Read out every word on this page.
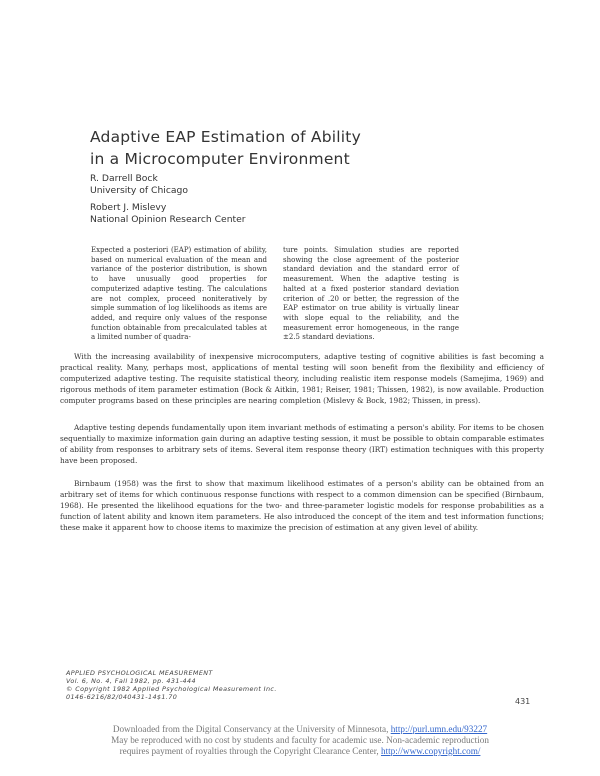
Adaptive EAP Estimation of Ability
in a Microcomputer Environment
R. Darrell Bock
University of Chicago
Robert J. Mislevy
National Opinion Research Center
Expected a posteriori (EAP) estimation of ability, based on numerical evaluation of the mean and variance of the posterior distribution, is shown to have unusually good properties for computerized adaptive testing. The calculations are not complex, proceed noniteratively by simple summation of log likelihoods as items are added, and require only values of the response function obtainable from precalculated tables at a limited number of quadra-
ture points. Simulation studies are reported showing the close agreement of the posterior standard deviation and the standard error of measurement. When the adaptive testing is halted at a fixed posterior standard deviation criterion of .20 or better, the regression of the EAP estimator on true ability is virtually linear with slope equal to the reliability, and the measurement error homogeneous, in the range ±2.5 standard deviations.
With the increasing availability of inexpensive microcomputers, adaptive testing of cognitive abilities is fast becoming a practical reality. Many, perhaps most, applications of mental testing will soon benefit from the flexibility and efficiency of computerized adaptive testing. The requisite statistical theory, including realistic item response models (Samejima, 1969) and rigorous methods of item parameter estimation (Bock & Aitkin, 1981; Reiser, 1981; Thissen, 1982), is now available. Production computer programs based on these principles are nearing completion (Mislevy & Bock, 1982; Thissen, in press).
Adaptive testing depends fundamentally upon item invariant methods of estimating a person's ability. For items to be chosen sequentially to maximize information gain during an adaptive testing session, it must be possible to obtain comparable estimates of ability from responses to arbitrary sets of items. Several item response theory (IRT) estimation techniques with this property have been proposed.
Birnbaum (1958) was the first to show that maximum likelihood estimates of a person's ability can be obtained from an arbitrary set of items for which continuous response functions with respect to a common dimension can be specified (Birnbaum, 1968). He presented the likelihood equations for the two- and three-parameter logistic models for response probabilities as a function of latent ability and known item parameters. He also introduced the concept of the item and test information functions; these make it apparent how to choose items to maximize the precision of estimation at any given level of ability.
APPLIED PSYCHOLOGICAL MEASUREMENT
Vol. 6, No. 4, Fall 1982, pp. 431-444
© Copyright 1982 Applied Psychological Measurement Inc.
0146-6216/82/040431-14$1.70	431
Downloaded from the Digital Conservancy at the University of Minnesota, http://purl.umn.edu/93227
May be reproduced with no cost by students and faculty for academic use. Non-academic reproduction
requires payment of royalties through the Copyright Clearance Center, http://www.copyright.com/
